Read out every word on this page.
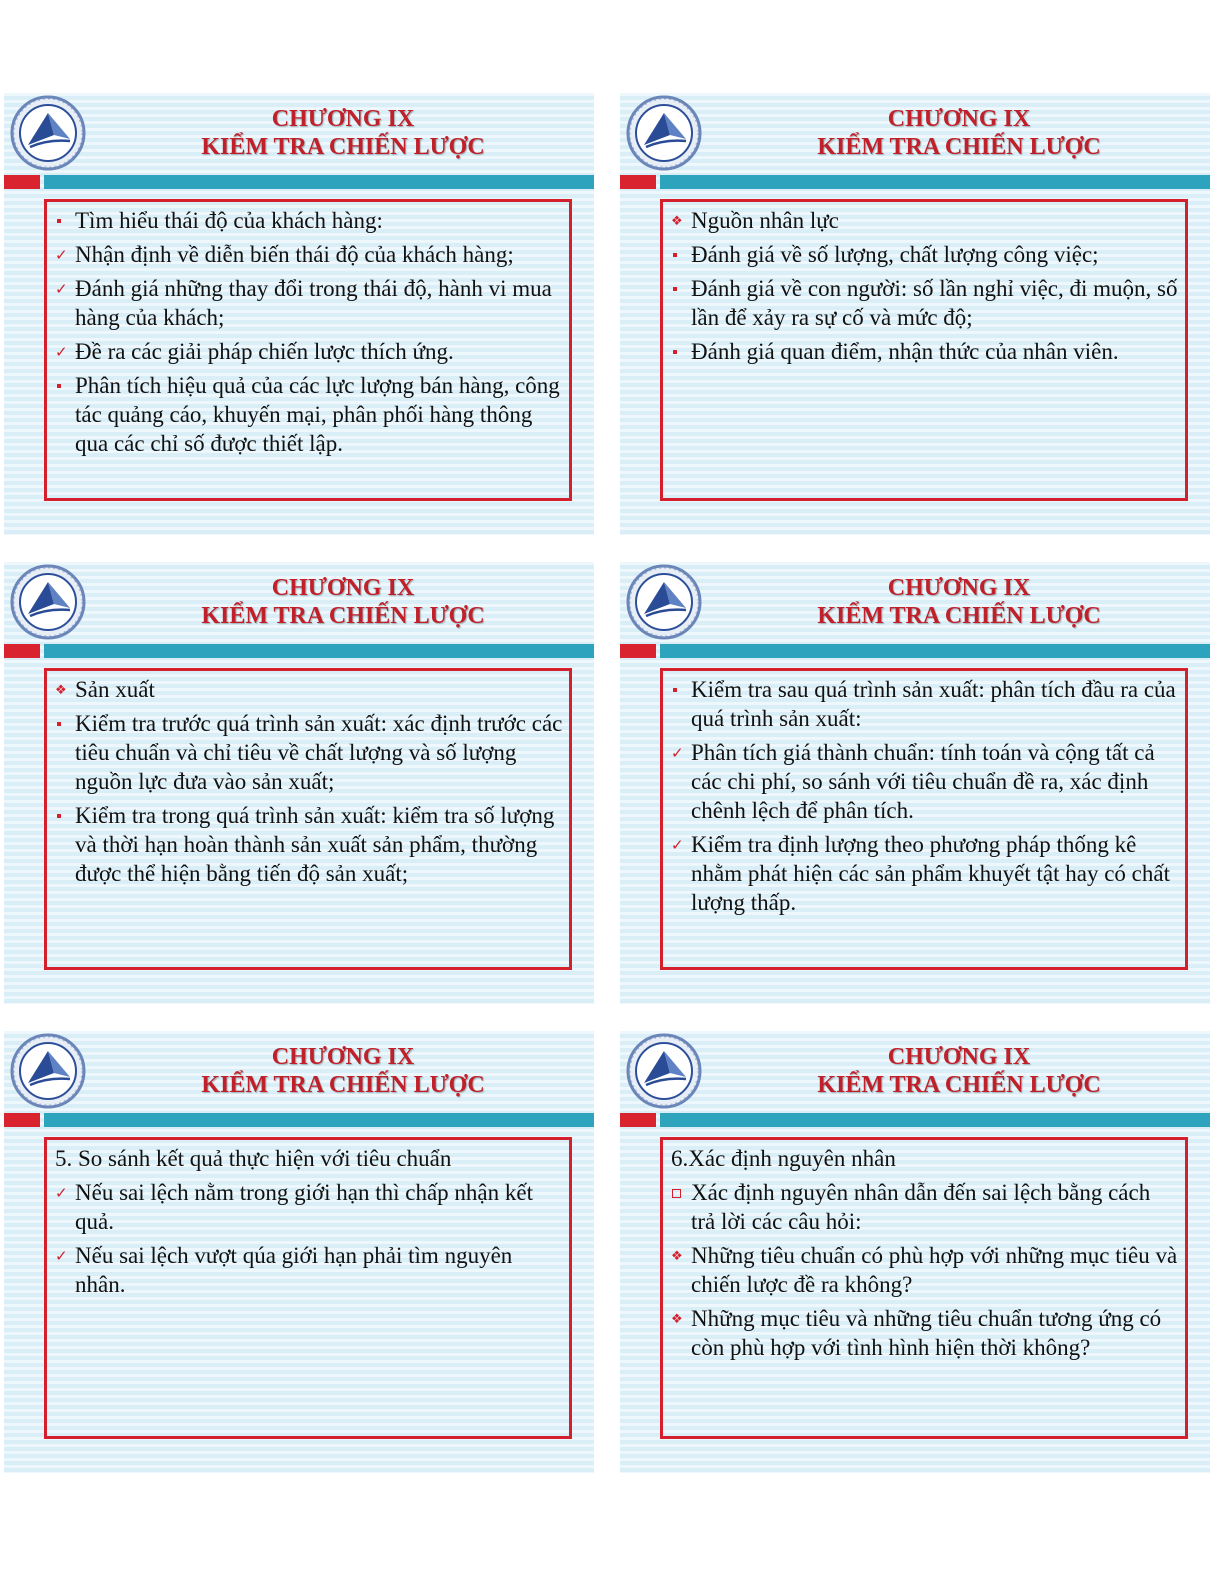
CHƯƠNG IX
KIỂM TRA CHIẾN LƯỢC
Tìm hiểu thái độ của khách hàng:
✓
Nhận định về diễn biến thái độ của khách hàng;
✓
Đánh giá những thay đổi trong thái độ, hành vi mua hàng của khách;
✓
Đề ra các giải pháp chiến lược thích ứng.
Phân tích hiệu quả của các lực lượng bán hàng, công tác quảng cáo, khuyến mại, phân phối hàng thông qua các chỉ số được thiết lập.
CHƯƠNG IX
KIỂM TRA CHIẾN LƯỢC
❖
Nguồn nhân lực
Đánh giá về số lượng, chất lượng công việc;
Đánh giá về con người: số lần nghỉ việc, đi muộn, số lần để xảy ra sự cố và mức độ;
Đánh giá quan điểm, nhận thức của nhân viên.
CHƯƠNG IX
KIỂM TRA CHIẾN LƯỢC
❖
Sản xuất
Kiểm tra trước quá trình sản xuất: xác định trước các tiêu chuẩn và chỉ tiêu về chất lượng và số lượng nguồn lực đưa vào sản xuất;
Kiểm tra trong quá trình sản xuất: kiểm tra số lượng và thời hạn hoàn thành sản xuất sản phẩm, thường được thể hiện bằng tiến độ sản xuất;
CHƯƠNG IX
KIỂM TRA CHIẾN LƯỢC
Kiểm tra sau quá trình sản xuất: phân tích đầu ra của quá trình sản xuất:
✓
Phân tích giá thành chuẩn: tính toán và cộng tất cả các chi phí, so sánh với tiêu chuẩn đề ra, xác định chênh lệch để phân tích.
✓
Kiểm tra định lượng theo phương pháp thống kê nhằm phát hiện các sản phẩm khuyết tật hay có chất lượng thấp.
CHƯƠNG IX
KIỂM TRA CHIẾN LƯỢC
5. So sánh kết quả thực hiện với tiêu chuẩn
✓
Nếu sai lệch nằm trong giới hạn thì chấp nhận kết quả.
✓
Nếu sai lệch vượt qúa giới hạn phải tìm nguyên nhân.
CHƯƠNG IX
KIỂM TRA CHIẾN LƯỢC
6.Xác định nguyên nhân
Xác định nguyên nhân dẫn đến sai lệch bằng cách trả lời các câu hỏi:
❖
Những tiêu chuẩn có phù hợp với những mục tiêu và chiến lược đề ra không?
❖
Những mục tiêu và những tiêu chuẩn tương ứng có còn phù hợp với tình hình hiện thời không?
